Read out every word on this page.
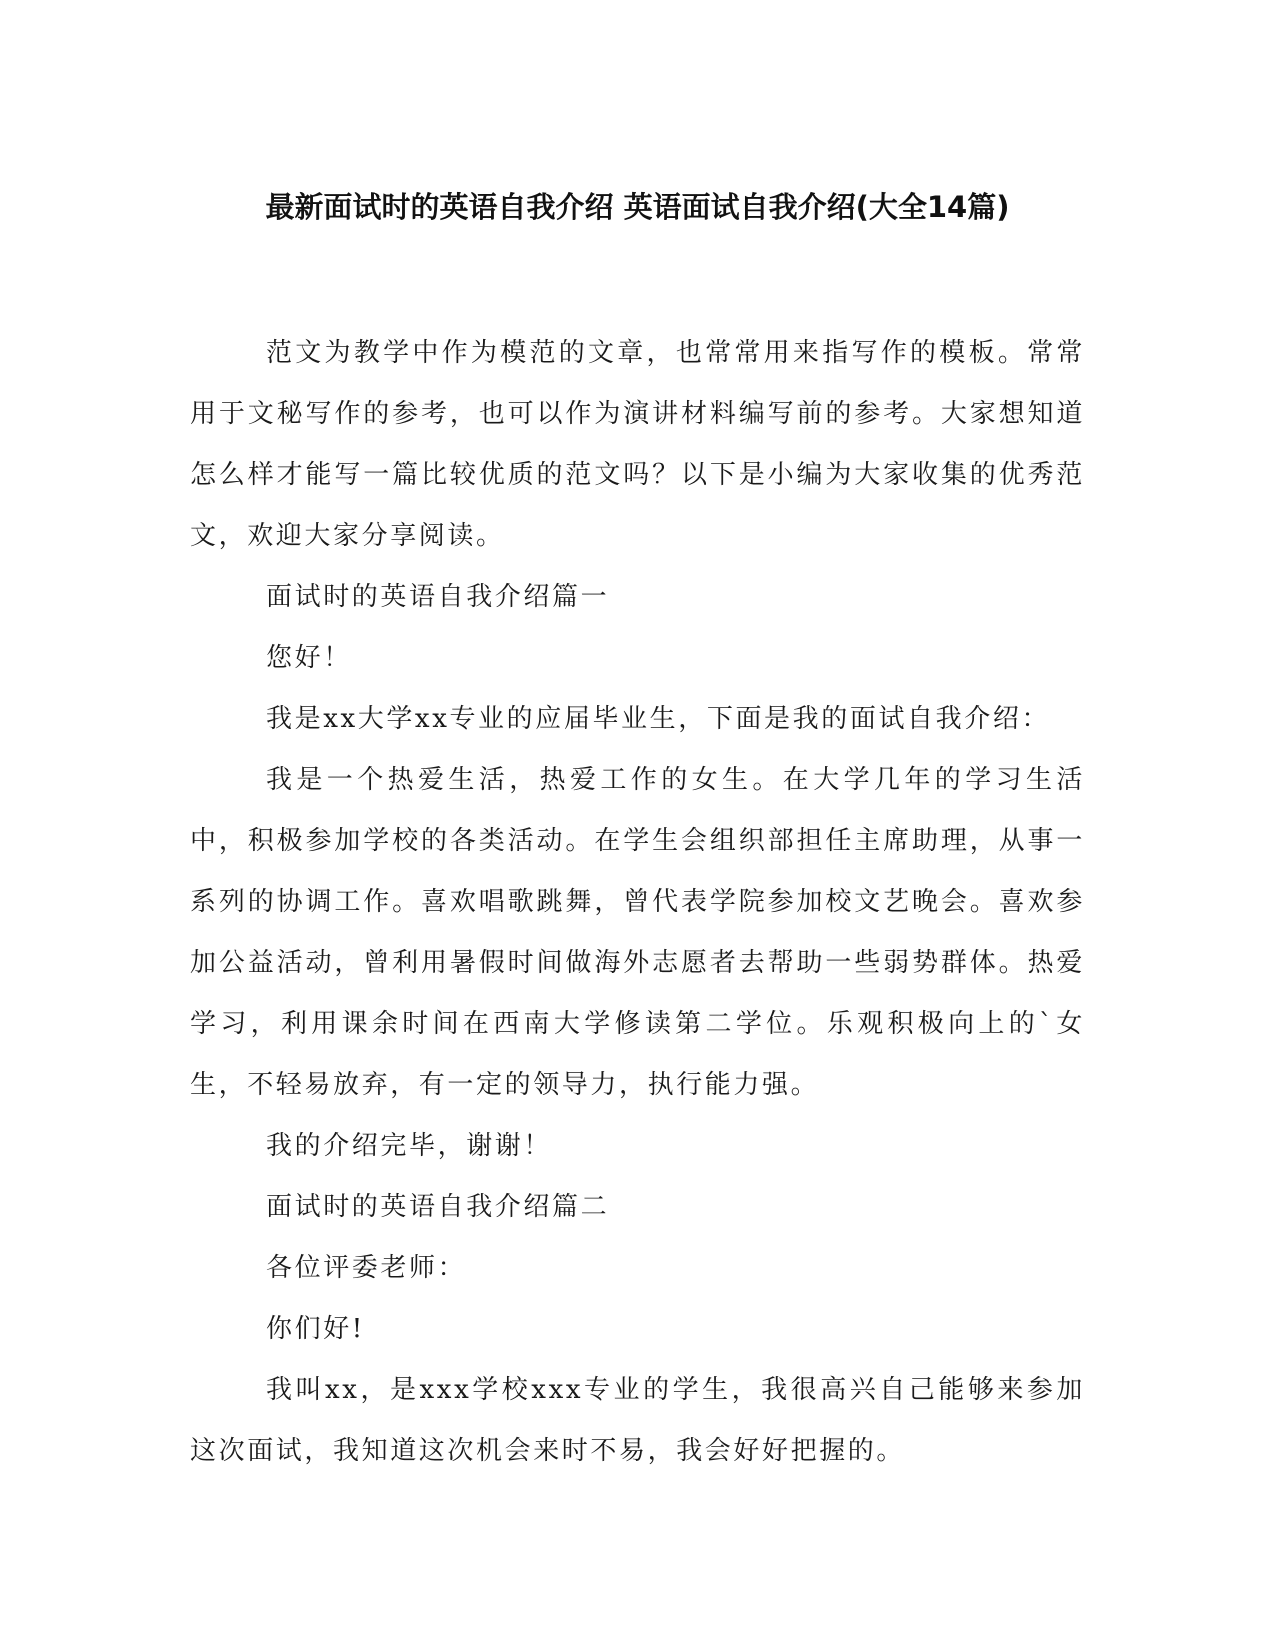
最新面试时的英语自我介绍 英语面试自我介绍(大全14篇)

范文为教学中作为模范的文章，也常常用来指写作的模板。常常用于文秘写作的参考，也可以作为演讲材料编写前的参考。大家想知道怎么样才能写一篇比较优质的范文吗？以下是小编为大家收集的优秀范文，欢迎大家分享阅读。

面试时的英语自我介绍篇一

您好！

我是xx大学xx专业的应届毕业生，下面是我的面试自我介绍：

我是一个热爱生活，热爱工作的女生。在大学几年的学习生活中，积极参加学校的各类活动。在学生会组织部担任主席助理，从事一系列的协调工作。喜欢唱歌跳舞，曾代表学院参加校文艺晚会。喜欢参加公益活动，曾利用暑假时间做海外志愿者去帮助一些弱势群体。热爱学习，利用课余时间在西南大学修读第二学位。乐观积极向上的`女生，不轻易放弃，有一定的领导力，执行能力强。

我的介绍完毕，谢谢！

面试时的英语自我介绍篇二

各位评委老师：

你们好!

我叫xx，是xxx学校xxx专业的学生，我很高兴自己能够来参加这次面试，我知道这次机会来时不易，我会好好把握的。
